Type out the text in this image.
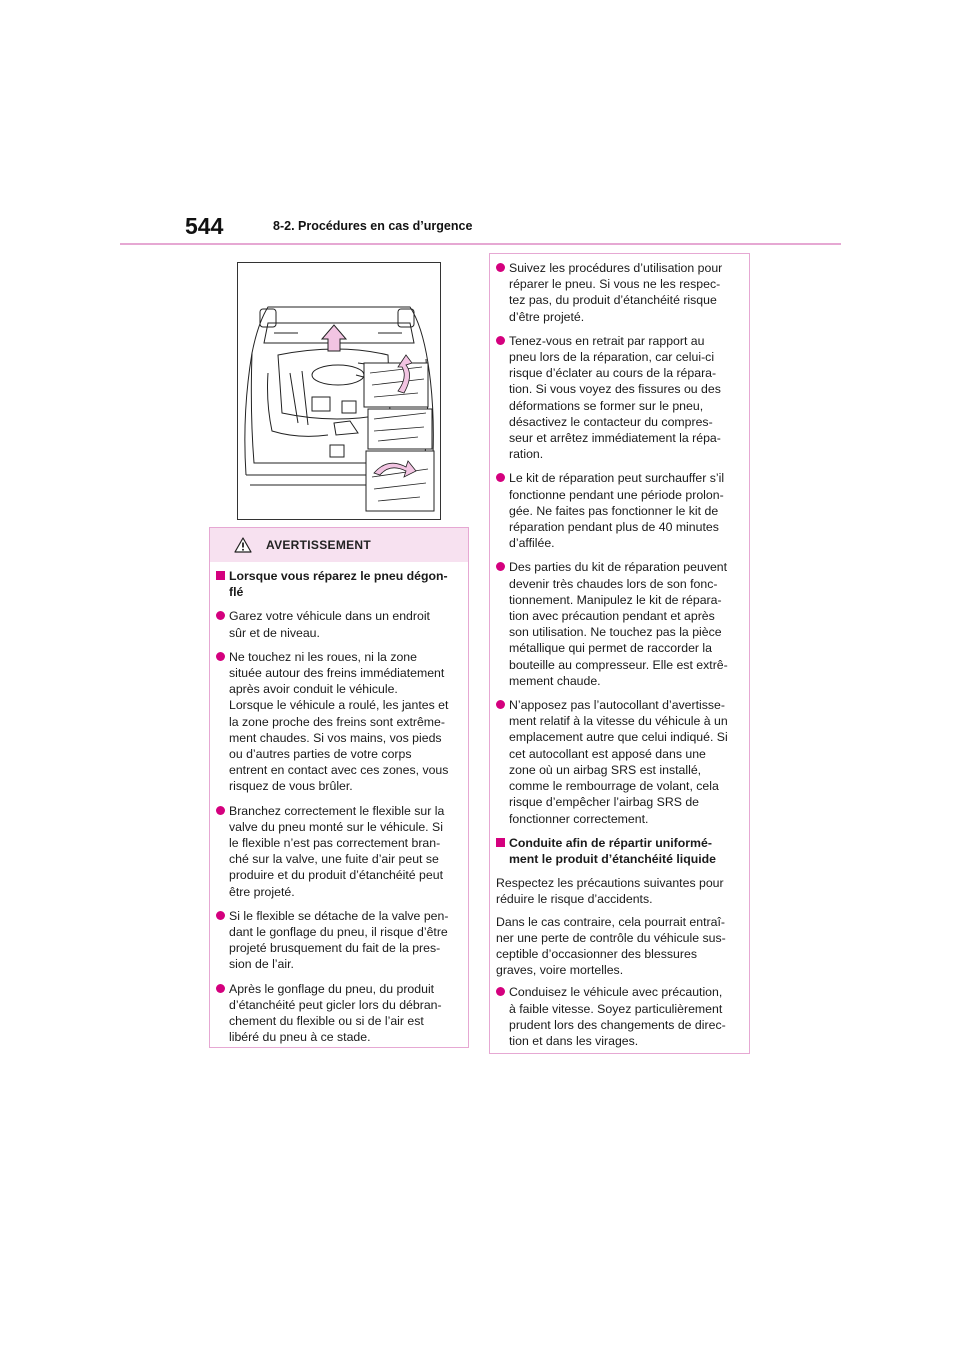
544	8-2. Procédures en cas d’urgence
AVERTISSEMENT
Lorsque vous réparez le pneu dégon-
flé
Garez votre véhicule dans un endroit
sûr et de niveau.
Ne touchez ni les roues, ni la zone
située autour des freins immédiatement
après avoir conduit le véhicule.
Lorsque le véhicule a roulé, les jantes et
la zone proche des freins sont extrême-
ment chaudes. Si vos mains, vos pieds
ou d’autres parties de votre corps
entrent en contact avec ces zones, vous
risquez de vous brûler.
Branchez correctement le flexible sur la
valve du pneu monté sur le véhicule. Si
le flexible n’est pas correctement bran-
ché sur la valve, une fuite d’air peut se
produire et du produit d’étanchéité peut
être projeté.
Si le flexible se détache de la valve pen-
dant le gonflage du pneu, il risque d’être
projeté brusquement du fait de la pres-
sion de l’air.
Après le gonflage du pneu, du produit
d’étanchéité peut gicler lors du débran-
chement du flexible ou si de l’air est
libéré du pneu à ce stade.
Suivez les procédures d’utilisation pour
réparer le pneu. Si vous ne les respec-
tez pas, du produit d’étanchéité risque
d’être projeté.
Tenez-vous en retrait par rapport au
pneu lors de la réparation, car celui-ci
risque d’éclater au cours de la répara-
tion. Si vous voyez des fissures ou des
déformations se former sur le pneu,
désactivez le contacteur du compres-
seur et arrêtez immédiatement la répa-
ration.
Le kit de réparation peut surchauffer s’il
fonctionne pendant une période prolon-
gée. Ne faites pas fonctionner le kit de
réparation pendant plus de 40 minutes
d’affilée.
Des parties du kit de réparation peuvent
devenir très chaudes lors de son fonc-
tionnement. Manipulez le kit de répara-
tion avec précaution pendant et après
son utilisation. Ne touchez pas la pièce
métallique qui permet de raccorder la
bouteille au compresseur. Elle est extrê-
mement chaude.
N’apposez pas l’autocollant d’avertisse-
ment relatif à la vitesse du véhicule à un
emplacement autre que celui indiqué. Si
cet autocollant est apposé dans une
zone où un airbag SRS est installé,
comme le rembourrage de volant, cela
risque d’empêcher l’airbag SRS de
fonctionner correctement.
Conduite afin de répartir uniformé-
ment le produit d’étanchéité liquide
Respectez les précautions suivantes pour
réduire le risque d’accidents.
Dans le cas contraire, cela pourrait entraî-
ner une perte de contrôle du véhicule sus-
ceptible d’occasionner des blessures
graves, voire mortelles.
Conduisez le véhicule avec précaution,
à faible vitesse. Soyez particulièrement
prudent lors des changements de direc-
tion et dans les virages.
